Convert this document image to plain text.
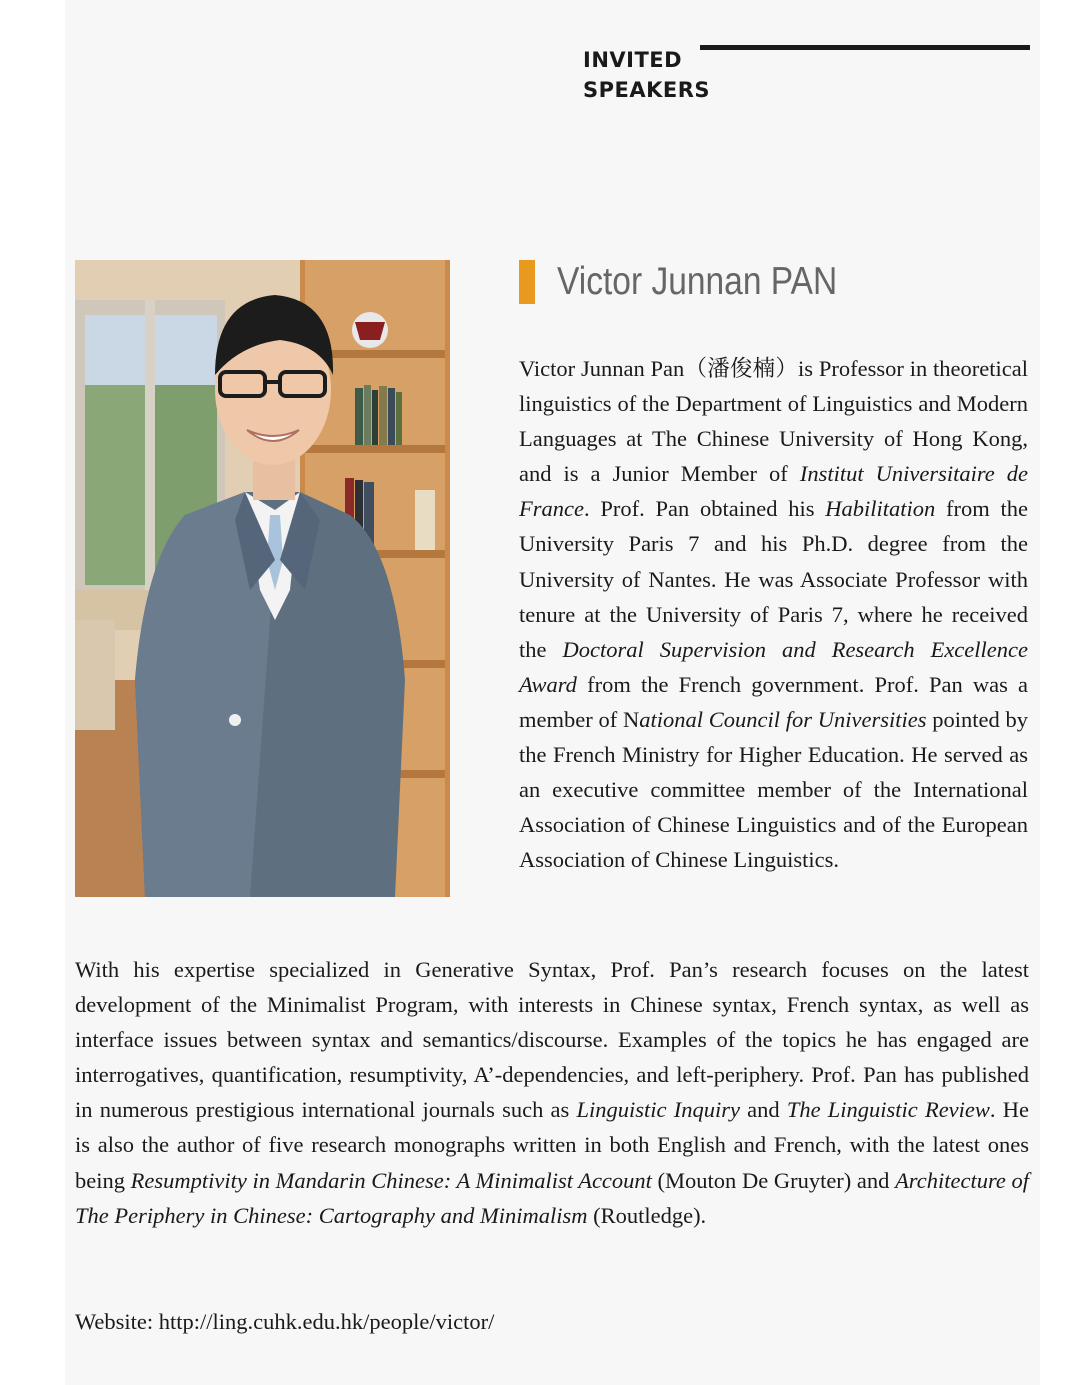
INVITED
SPEAKERS
Victor Junnan PAN

Victor Junnan Pan（潘俊楠）is Professor in theoretical linguistics of the Department of Linguistics and Modern Languages at The Chinese University of Hong Kong, and is a Junior Member of Institut Universitaire de France. Prof. Pan obtained his Habilitation from the University Paris 7 and his Ph.D. degree from the University of Nantes. He was Associate Professor with tenure at the University of Paris 7, where he received the Doctoral Supervision and Research Excellence Award from the French government. Prof. Pan was a member of National Council for Universities pointed by the French Ministry for Higher Education. He served as an executive committee member of the International Association of Chinese Linguistics and of the European Association of Chinese Linguistics.

With his expertise specialized in Generative Syntax, Prof. Pan’s research focuses on the latest development of the Minimalist Program, with interests in Chinese syntax, French syntax, as well as interface issues between syntax and semantics/discourse. Examples of the topics he has engaged are interrogatives, quantification, resumptivity, A’-dependencies, and left-periphery. Prof. Pan has published in numerous prestigious international journals such as Linguistic Inquiry and The Linguistic Review. He is also the author of five research monographs written in both English and French, with the latest ones being Resumptivity in Mandarin Chinese: A Minimalist Account (Mouton De Gruyter) and Architecture of The Periphery in Chinese: Cartography and Minimalism (Routledge).

Website: http://ling.cuhk.edu.hk/people/victor/
